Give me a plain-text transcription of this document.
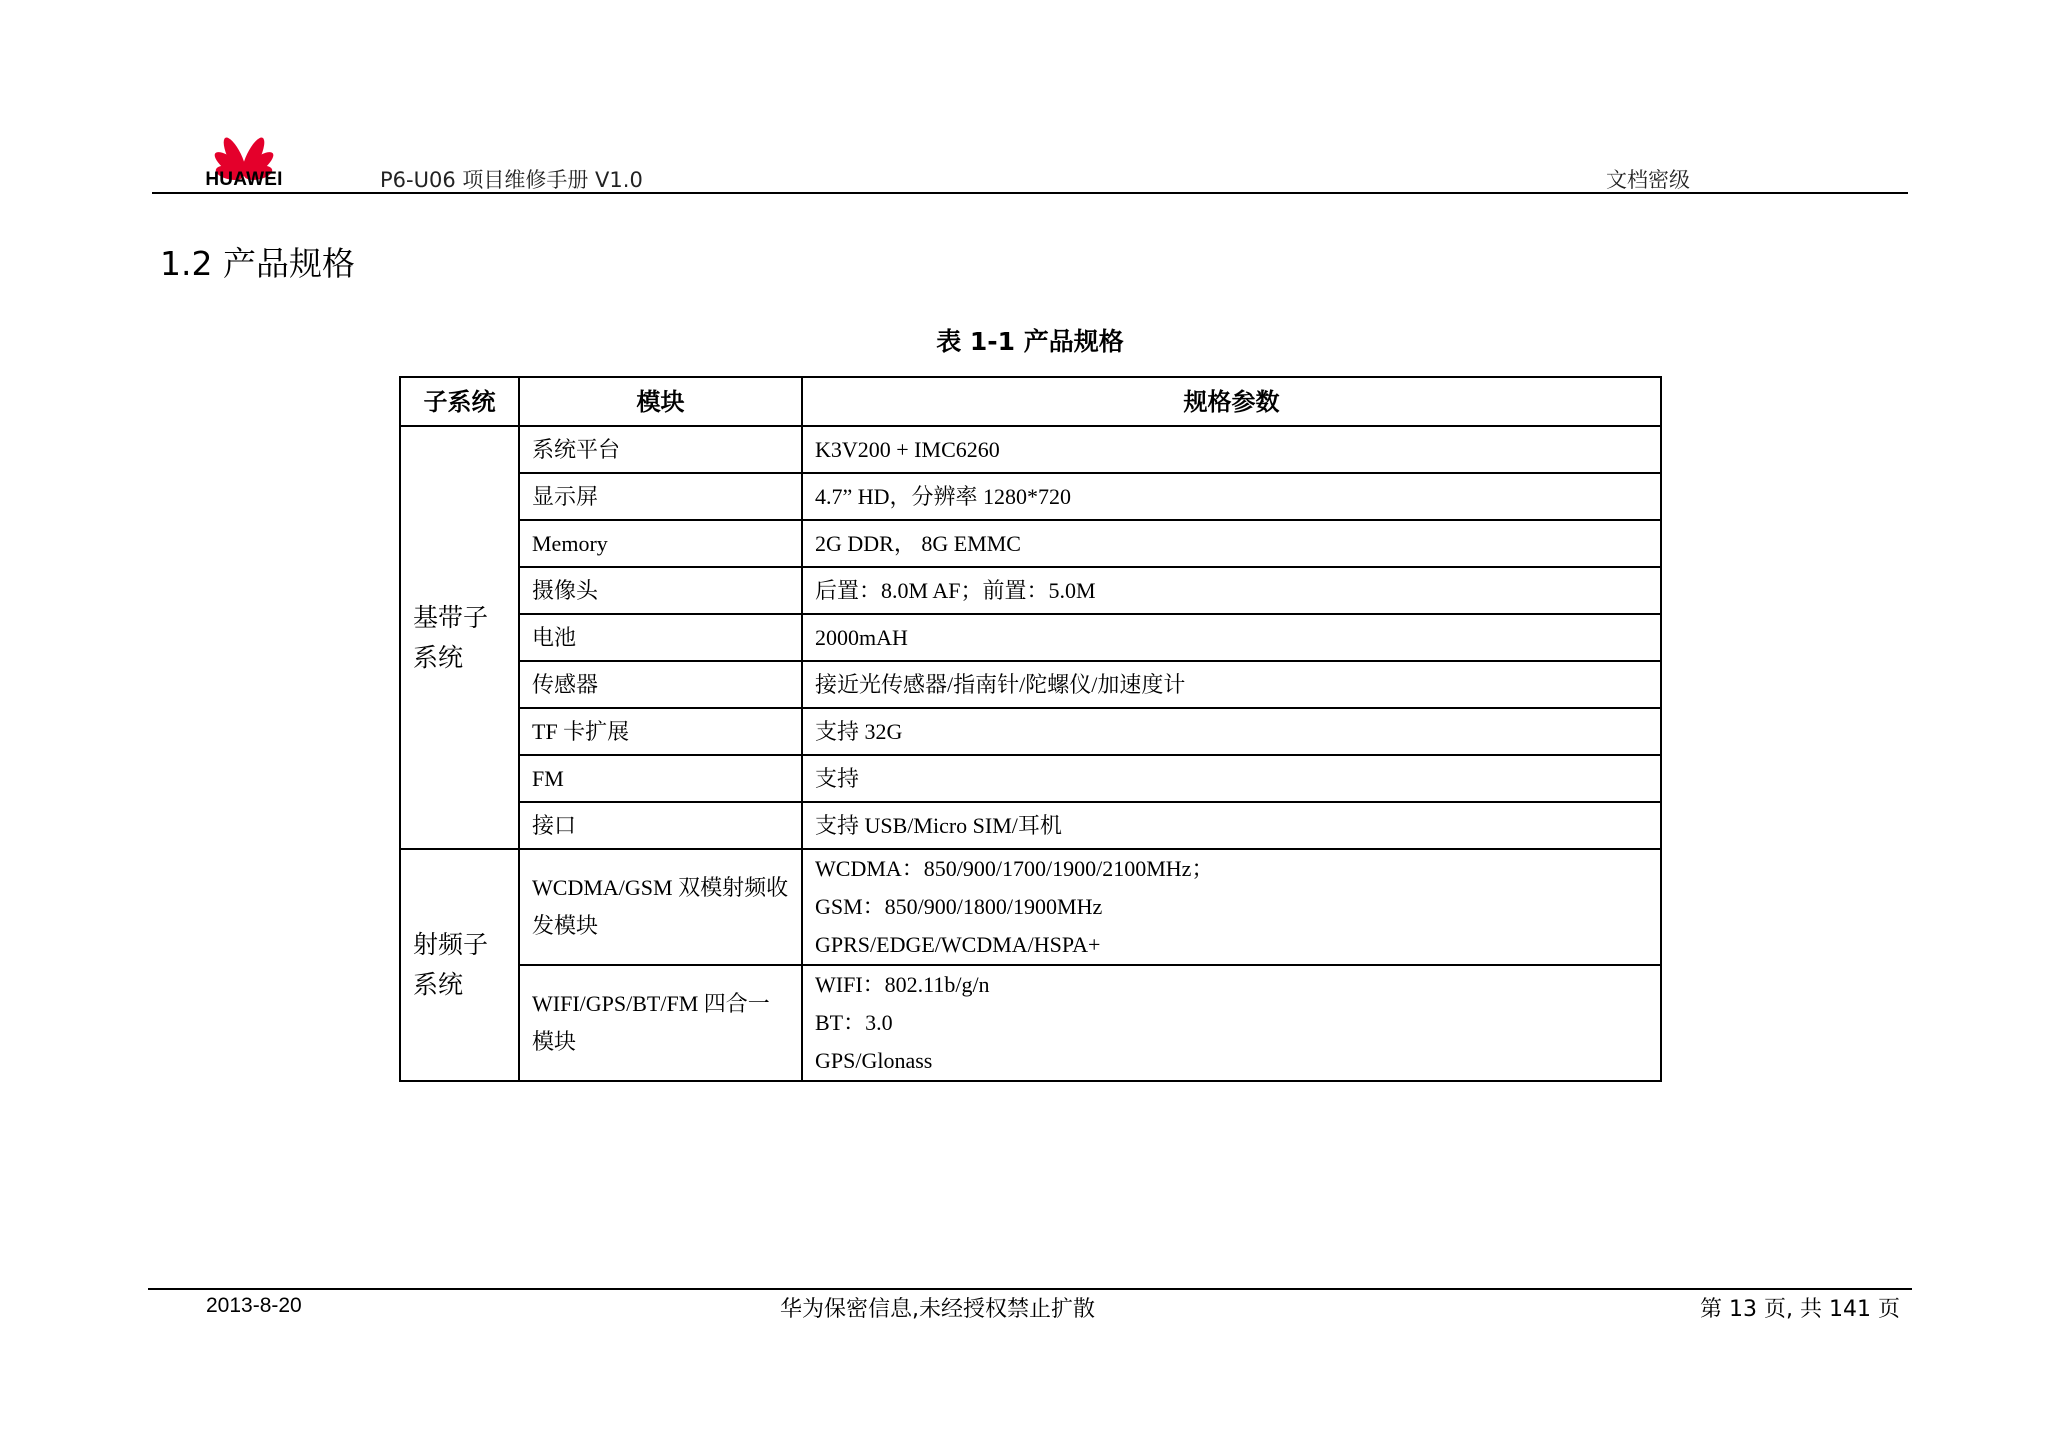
HUAWEI	P6-U06 项目维修手册 V1.0	文档密级
1.2 产品规格
表 1-1 产品规格
子系统	模块	规格参数
基带子系统	系统平台	K3V200 + IMC6260

	显示屏	4.7” HD，分辨率 1280*720

	Memory	2G DDR， 8G EMMC

	摄像头	后置：8.0M AF；前置：5.0M

	电池	2000mAH

	传感器	接近光传感器/指南针/陀螺仪/加速度计

	TF 卡扩展	支持 32G

	FM	支持

	接口	支持 USB/Micro SIM/耳机

射频子系统	WCDMA/GSM 双模射频收发模块	WCDMA：850/900/1700/1900/2100MHz；
GSM：850/900/1800/1900MHz
GPRS/EDGE/WCDMA/HSPA+

	WIFI/GPS/BT/FM 四合一模块	WIFI：802.11b/g/n
BT：3.0
GPS/Glonass
2013-8-20	华为保密信息,未经授权禁止扩散	第 13 页, 共 141 页
